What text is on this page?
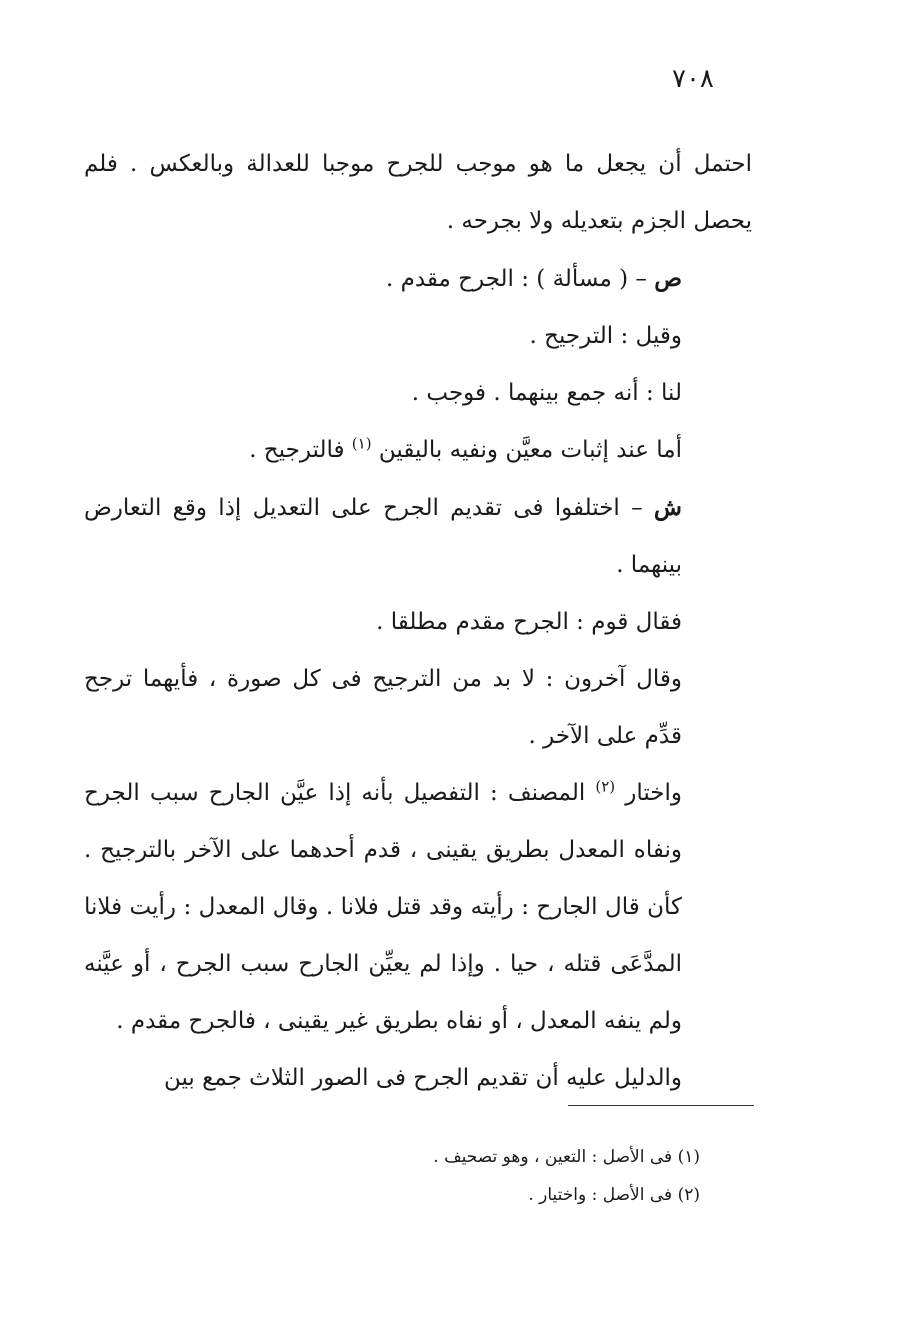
٧٠٨

احتمل أن يجعل ما هو موجب للجرح موجبا للعدالة وبالعكس . فلم يحصل الجزم بتعديله ولا بجرحه .

ص – ( مسألة ) : الجرح مقدم .

وقيل : الترجيح .

لنا : أنه جمع بينهما . فوجب .

أما عند إثبات معيَّن ونفيه باليقين $^{(١)}$ فالترجيح .

ش – اختلفوا فى تقديم الجرح على التعديل إذا وقع التعارض بينهما .

فقال قوم : الجرح مقدم مطلقا .

وقال آخرون : لا بد من الترجيح فى كل صورة ، فأيهما ترجح قدِّم على الآخر .

واختار $^{(٢)}$ المصنف : التفصيل بأنه إذا عيَّن الجارح سبب الجرح ونفاه المعدل بطريق يقينى ، قدم أحدهما على الآخر بالترجيح . كأن قال الجارح : رأيته وقد قتل فلانا . وقال المعدل : رأيت فلانا المدَّعَى قتله ، حيا . وإذا لم يعيِّن الجارح سبب الجرح ، أو عيَّنه ولم ينفه المعدل ، أو نفاه بطريق غير يقينى ، فالجرح مقدم .

والدليل عليه أن تقديم الجرح فى الصور الثلاث جمع بين

(١) فى الأصل : التعين ، وهو تصحيف .

(٢) فى الأصل : واختيار .
